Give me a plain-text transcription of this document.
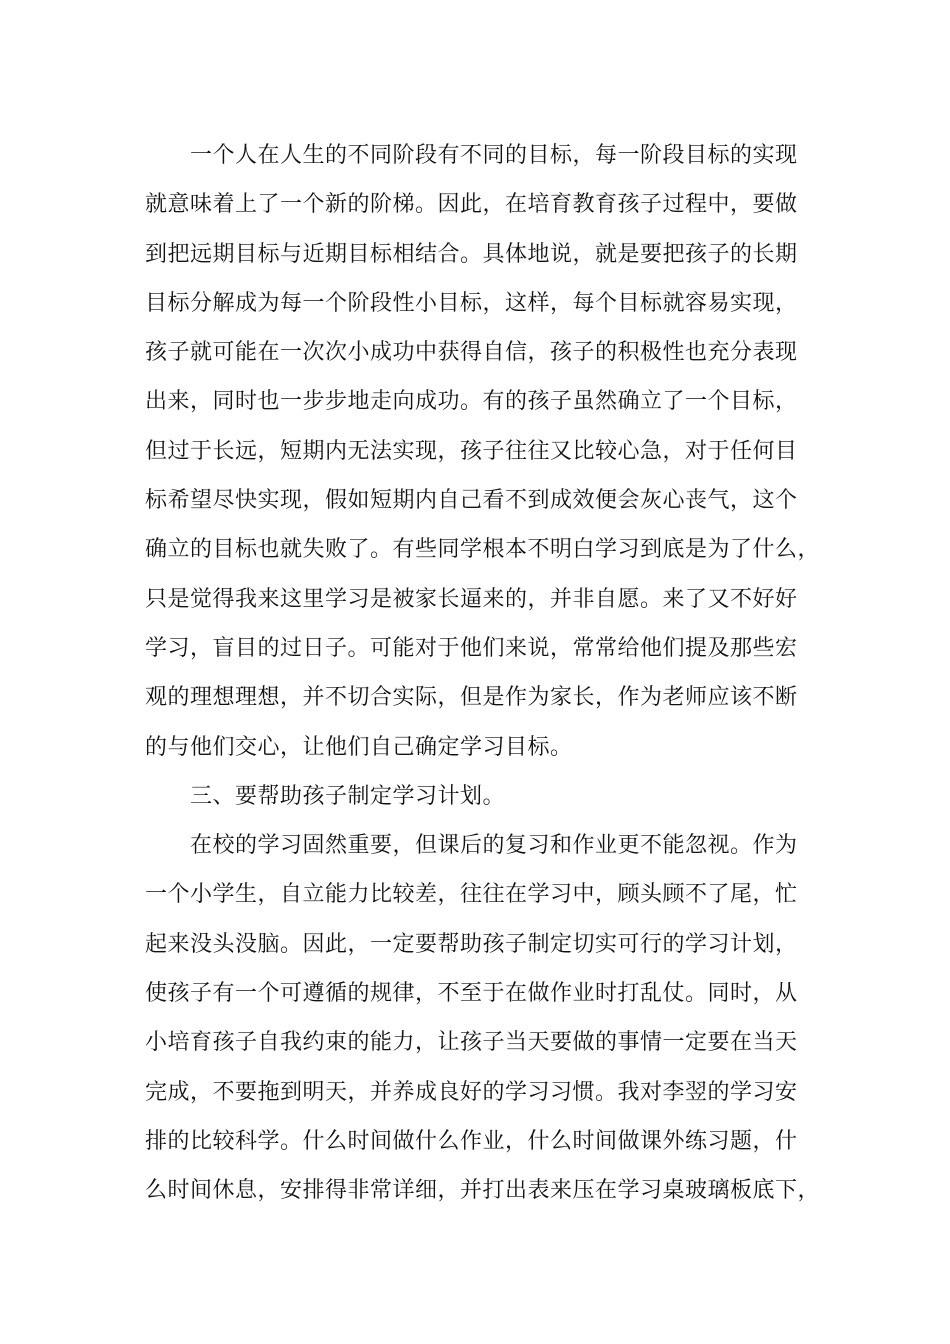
一个人在人生的不同阶段有不同的目标，每一阶段目标的实现
就意味着上了一个新的阶梯。因此，在培育教育孩子过程中，要做
到把远期目标与近期目标相结合。具体地说，就是要把孩子的长期
目标分解成为每一个阶段性小目标，这样，每个目标就容易实现，
孩子就可能在一次次小成功中获得自信，孩子的积极性也充分表现
出来，同时也一步步地走向成功。有的孩子虽然确立了一个目标，
但过于长远，短期内无法实现，孩子往往又比较心急，对于任何目
标希望尽快实现，假如短期内自己看不到成效便会灰心丧气，这个
确立的目标也就失败了。有些同学根本不明白学习到底是为了什么，
只是觉得我来这里学习是被家长逼来的，并非自愿。来了又不好好
学习，盲目的过日子。可能对于他们来说，常常给他们提及那些宏
观的理想理想，并不切合实际，但是作为家长，作为老师应该不断
的与他们交心，让他们自己确定学习目标。
三、要帮助孩子制定学习计划。
在校的学习固然重要，但课后的复习和作业更不能忽视。作为
一个小学生，自立能力比较差，往往在学习中，顾头顾不了尾，忙
起来没头没脑。因此，一定要帮助孩子制定切实可行的学习计划，
使孩子有一个可遵循的规律，不至于在做作业时打乱仗。同时，从
小培育孩子自我约束的能力，让孩子当天要做的事情一定要在当天
完成，不要拖到明天，并养成良好的学习习惯。我对李翌的学习安
排的比较科学。什么时间做什么作业，什么时间做课外练习题，什
么时间休息，安排得非常详细，并打出表来压在学习桌玻璃板底下，
